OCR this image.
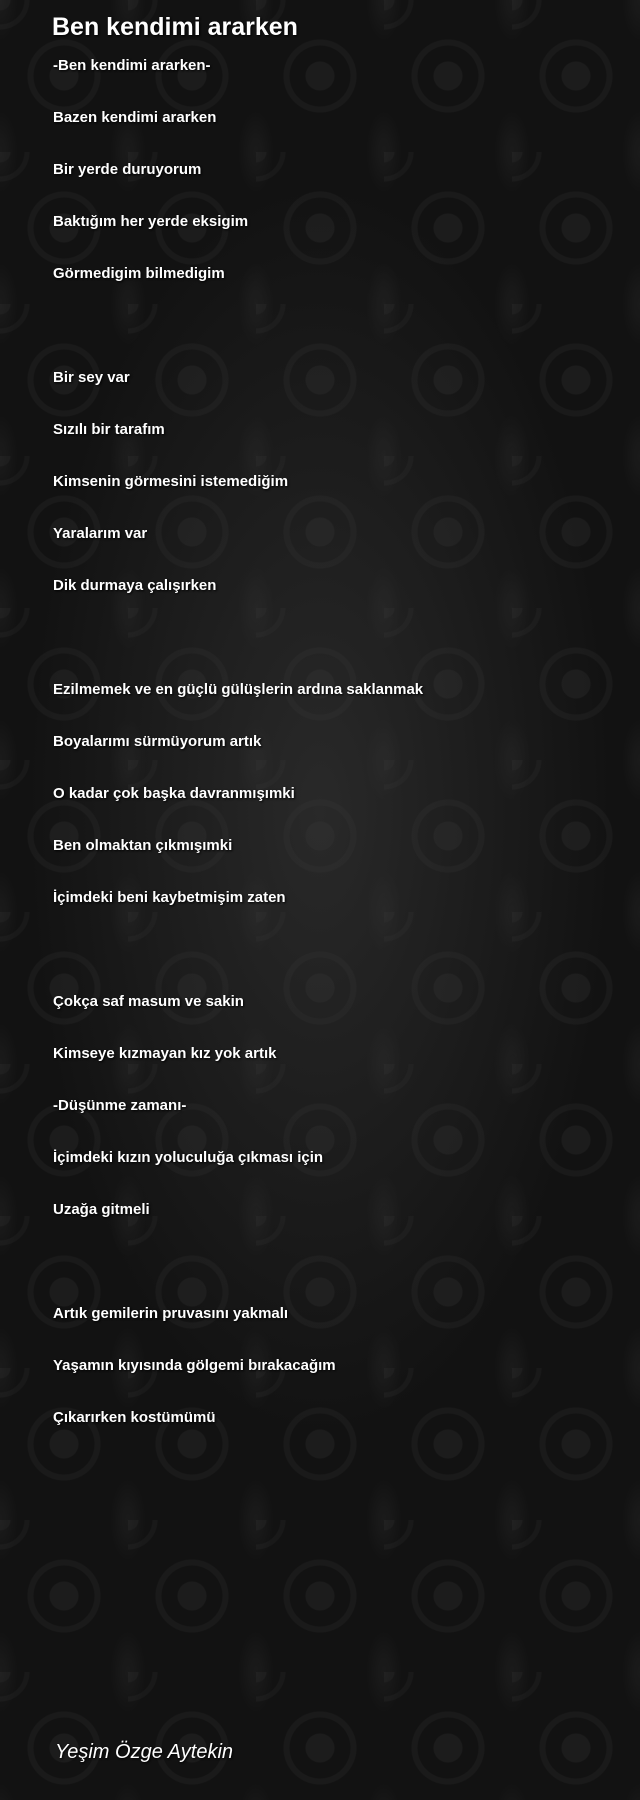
Ben kendimi ararken
-Ben kendimi ararken-
Bazen kendimi ararken
Bir yerde duruyorum
Baktığım her yerde eksigim
Görmedigim bilmedigim
Bir sey var
Sızılı bir tarafım
Kimsenin görmesini istemediğim
Yaralarım var
Dik durmaya çalışırken
Ezilmemek ve en güçlü gülüşlerin ardına saklanmak
Boyalarımı sürmüyorum artık
O kadar çok başka davranmışımki
Ben olmaktan çıkmışımki
İçimdeki beni kaybetmişim zaten
Çokça saf masum ve sakin
Kimseye kızmayan kız yok artık
-Düşünme zamanı-
İçimdeki kızın yoluculuğa çıkması için
Uzağa gitmeli
Artık gemilerin pruvasını yakmalı
Yaşamın kıyısında gölgemi bırakacağım
Çıkarırken kostümümü
Yeşim Özge Aytekin
